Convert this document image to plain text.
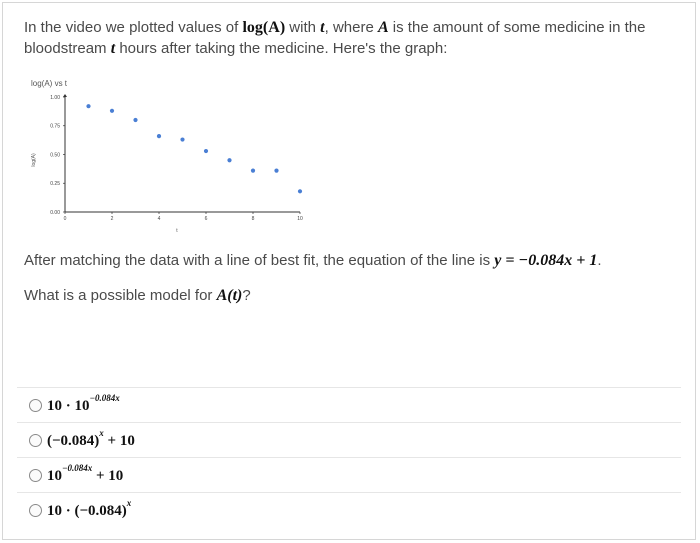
In the video we plotted values of log(A) with t, where A is the amount of some medicine in the bloodstream t hours after taking the medicine. Here's the graph:
log(A) vs t
log(A)
t
0.00
0.25
0.50
0.75
1.00
0	2	4	6	8	10
After matching the data with a line of best fit, the equation of the line is y = −0.084x + 1.
What is a possible model for A(t)?
$10 \cdot 10^{-0.084x}$
$(-0.084)^x + 10$
$10^{-0.084x} + 10$
$10 \cdot (-0.084)^x$
